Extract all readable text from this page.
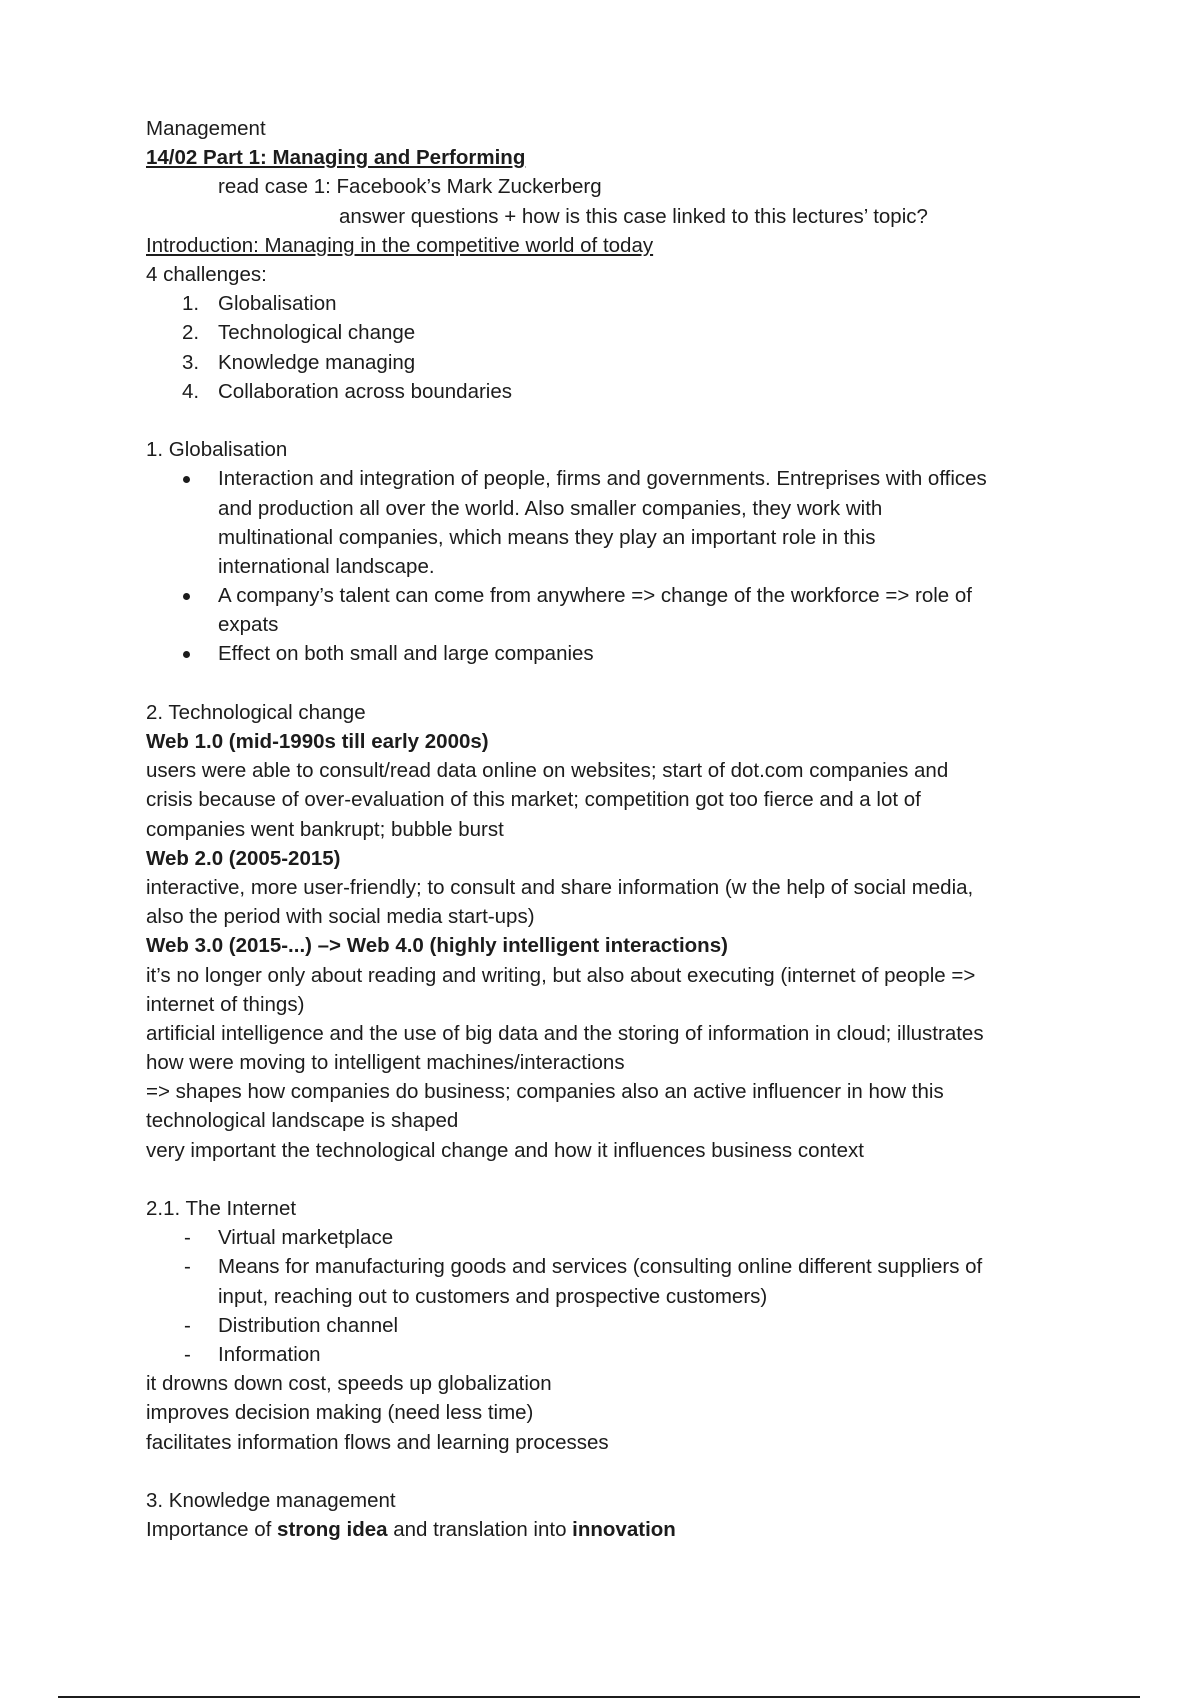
Management
14/02 Part 1: Managing and Performing
read case 1: Facebook’s Mark Zuckerberg
answer questions + how is this case linked to this lectures’ topic?
Introduction: Managing in the competitive world of today
4 challenges:
1. Globalisation
2. Technological change
3. Knowledge managing
4. Collaboration across boundaries
1. Globalisation
Interaction and integration of people, firms and governments. Entreprises with offices
and production all over the world. Also smaller companies, they work with
multinational companies, which means they play an important role in this
international landscape.
A company’s talent can come from anywhere => change of the workforce => role of
expats
Effect on both small and large companies
2. Technological change
Web 1.0 (mid-1990s till early 2000s)
users were able to consult/read data online on websites; start of dot.com companies and
crisis because of over-evaluation of this market; competition got too fierce and a lot of
companies went bankrupt; bubble burst
Web 2.0 (2005-2015)
interactive, more user-friendly; to consult and share information (w the help of social media,
also the period with social media start-ups)
Web 3.0 (2015-...) –> Web 4.0 (highly intelligent interactions)
it’s no longer only about reading and writing, but also about executing (internet of people =>
internet of things)
artificial intelligence and the use of big data and the storing of information in cloud; illustrates
how were moving to intelligent machines/interactions
=> shapes how companies do business; companies also an active influencer in how this
technological landscape is shaped
very important the technological change and how it influences business context
2.1. The Internet
- Virtual marketplace
- Means for manufacturing goods and services (consulting online different suppliers of
input, reaching out to customers and prospective customers)
- Distribution channel
- Information
it drowns down cost, speeds up globalization
improves decision making (need less time)
facilitates information flows and learning processes
3. Knowledge management
Importance of strong idea and translation into innovation
